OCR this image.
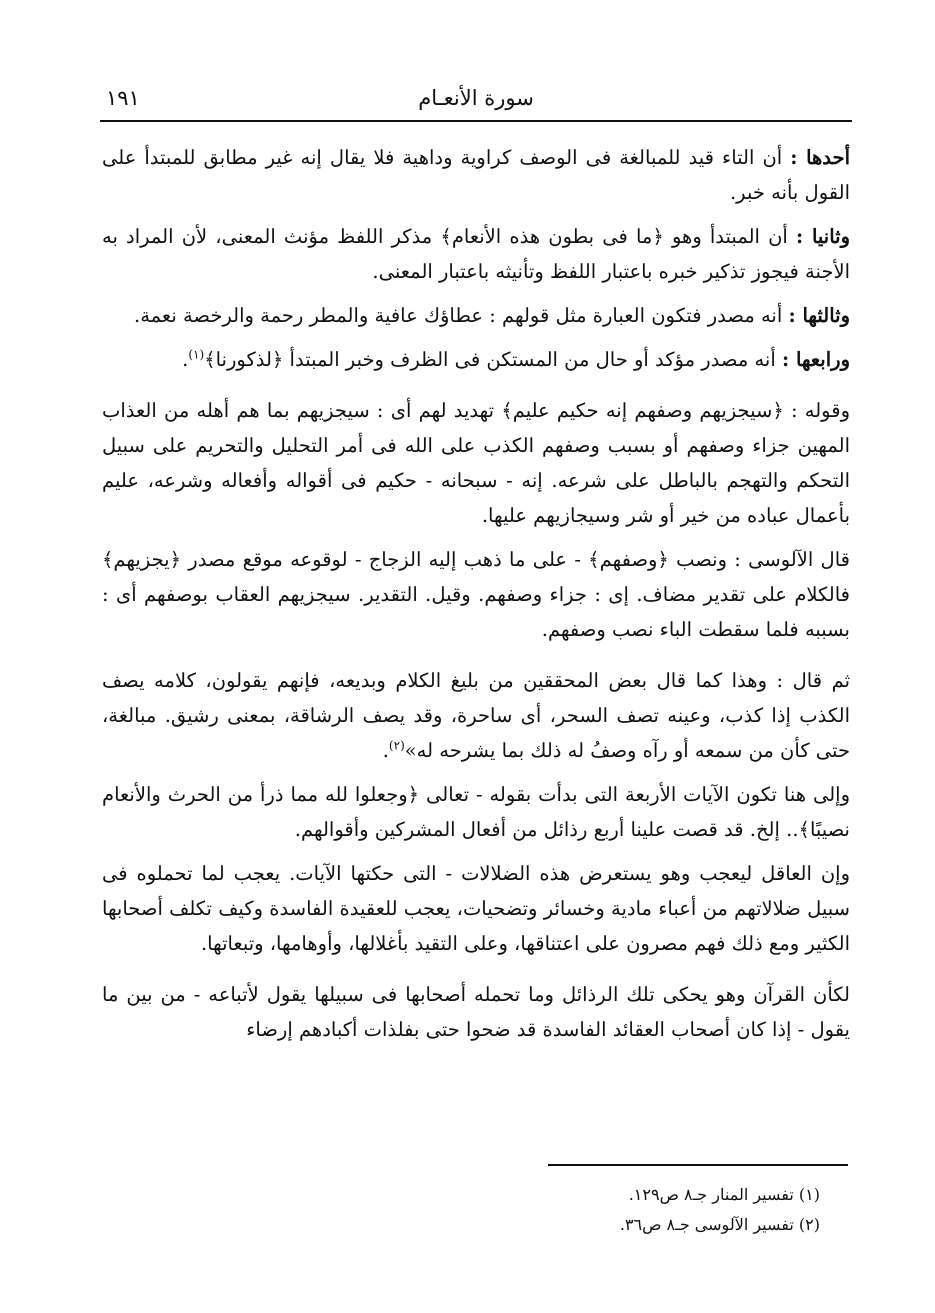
سورة الأنعـام
١٩١

أحدها : أن التاء قيد للمبالغة فى الوصف كراوية وداهية فلا يقال إنه غير مطابق للمبتدأ على القول بأنه خبر.

وثانيا : أن المبتدأ وهو ﴿ما فى بطون هذه الأنعام﴾ مذكر اللفظ مؤنث المعنى، لأن المراد به الأجنة فيجوز تذكير خبره باعتبار اللفظ وتأنيثه باعتبار المعنى.

وثالثها : أنه مصدر فتكون العبارة مثل قولهم : عطاؤك عافية والمطر رحمة والرخصة نعمة.

ورابعها : أنه مصدر مؤكد أو حال من المستكن فى الظرف وخبر المبتدأ ﴿لذكورنا﴾$^{(١)}$.

وقوله : ﴿سيجزيهم وصفهم إنه حكيم عليم﴾ تهديد لهم أى : سيجزيهم بما هم أهله من العذاب المهين جزاء وصفهم أو بسبب وصفهم الكذب على الله فى أمر التحليل والتحريم على سبيل التحكم والتهجم بالباطل على شرعه. إنه - سبحانه - حكيم فى أقواله وأفعاله وشرعه، عليم بأعمال عباده من خير أو شر وسيجازيهم عليها.

قال الآلوسى : ونصب ﴿وصفهم﴾ - على ما ذهب إليه الزجاج - لوقوعه موقع مصدر ﴿يجزيهم﴾ فالكلام على تقدير مضاف. إى : جزاء وصفهم. وقيل. التقدير. سيجزيهم العقاب بوصفهم أى : بسببه فلما سقطت الباء نصب وصفهم.

ثم قال : وهذا كما قال بعض المحققين من بليغ الكلام وبديعه، فإنهم يقولون، كلامه يصف الكذب إذا كذب، وعينه تصف السحر، أى ساحرة، وقد يصف الرشاقة، بمعنى رشيق. مبالغة، حتى كأن من سمعه أو رآه وصفُ له ذلك بما يشرحه له»$^{(٢)}$.

وإلى هنا تكون الآيات الأربعة التى بدأت بقوله - تعالى ﴿وجعلوا لله مما ذرأ من الحرث والأنعام نصيبًا﴾.. إلخ. قد قصت علينا أربع رذائل من أفعال المشركين وأقوالهم.

وإن العاقل ليعجب وهو يستعرض هذه الضلالات - التى حكتها الآيات. يعجب لما تحملوه فى سبيل ضلالاتهم من أعباء مادية وخسائر وتضحيات، يعجب للعقيدة الفاسدة وكيف تكلف أصحابها الكثير ومع ذلك فهم مصرون على اعتناقها، وعلى التقيد بأغلالها، وأوهامها، وتبعاتها.

لكأن القرآن وهو يحكى تلك الرذائل وما تحمله أصحابها فى سبيلها يقول لأتباعه - من بين ما يقول - إذا كان أصحاب العقائد الفاسدة قد ضحوا حتى بفلذات أكبادهم إرضاء

(١) تفسير المنار جـ٨ ص١٢٩.
(٢) تفسير الآلوسى جـ٨ ص٣٦.
